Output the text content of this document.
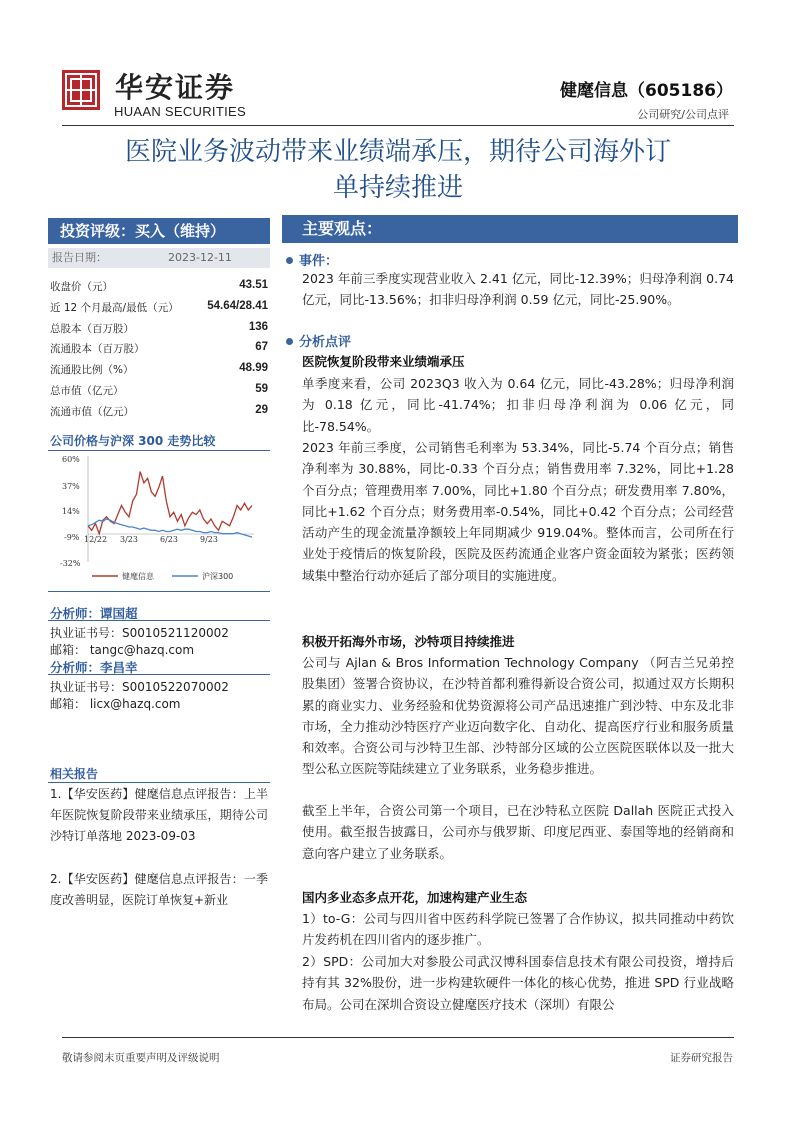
华安证券
HUAAN SECURITIES
健麾信息（605186）
公司研究/公司点评
医院业务波动带来业绩端承压，期待公司海外订
单持续推进
投资评级：买入（维持）
报告日期：	2023-12-11
收盘价（元）	43.51
近 12 个月最高/最低（元） 54.64/28.41
总股本（百万股）	136
流通股本（百万股）	67
流通股比例（%）	48.99
总市值（亿元）	59
流通市值（亿元）	29
公司价格与沪深 300 走势比较
60%
37%
14%
-9%
-32%
12/22 3/23	6/23	9/23
健麾信息	沪深300
分析师：谭国超
执业证书号：S0010521120002
邮箱： tangc@hazq.com
分析师：李昌幸
执业证书号：S0010522070002
邮箱： licx@hazq.com
相关报告
1.【华安医药】健麾信息点评报告：上半年医院恢复阶段带来业绩承压，期待公司沙特订单落地 2023-09-03
2.【华安医药】健麾信息点评报告：一季度改善明显，医院订单恢复+新业
主要观点：
事件：
2023 年前三季度实现营业收入 2.41 亿元，同比-12.39%；归母净利润 0.74 亿元，同比-13.56%；扣非归母净利润 0.59 亿元，同比-25.90%。
分析点评
医院恢复阶段带来业绩端承压
单季度来看，公司 2023Q3 收入为 0.64 亿元，同比-43.28%；归母净利润为 0.18 亿元，同比-41.74%；扣非归母净利润为 0.06 亿元，同比-78.54%。
2023 年前三季度，公司销售毛利率为 53.34%，同比-5.74 个百分点；销售净利率为 30.88%，同比-0.33 个百分点；销售费用率 7.32%，同比+1.28 个百分点；管理费用率 7.00%，同比+1.80 个百分点；研发费用率 7.80%，同比+1.62 个百分点；财务费用率-0.54%，同比+0.42 个百分点；公司经营活动产生的现金流量净额较上年同期减少 919.04%。整体而言，公司所在行业处于疫情后的恢复阶段，医院及医药流通企业客户资金面较为紧张；医药领域集中整治行动亦延后了部分项目的实施进度。
积极开拓海外市场，沙特项目持续推进
公司与 Ajlan & Bros Information Technology Company （阿吉兰兄弟控股集团）签署合资协议，在沙特首都利雅得新设合资公司，拟通过双方长期积累的商业实力、业务经验和优势资源将公司产品迅速推广到沙特、中东及北非市场，全力推动沙特医疗产业迈向数字化、自动化、提高医疗行业和服务质量和效率。合资公司与沙特卫生部、沙特部分区域的公立医院医联体以及一批大型公私立医院等陆续建立了业务联系，业务稳步推进。
截至上半年，合资公司第一个项目，已在沙特私立医院 Dallah 医院正式投入使用。截至报告披露日，公司亦与俄罗斯、印度尼西亚、泰国等地的经销商和意向客户建立了业务联系。
国内多业态多点开花，加速构建产业生态
1）to-G：公司与四川省中医药科学院已签署了合作协议，拟共同推动中药饮片发药机在四川省内的逐步推广。
2）SPD：公司加大对参股公司武汉博科国泰信息技术有限公司投资，增持后持有其 32%股份，进一步构建软硬件一体化的核心优势，推进 SPD 行业战略布局。公司在深圳合资设立健麾医疗技术（深圳）有限公
敬请参阅末页重要声明及评级说明	证券研究报告
